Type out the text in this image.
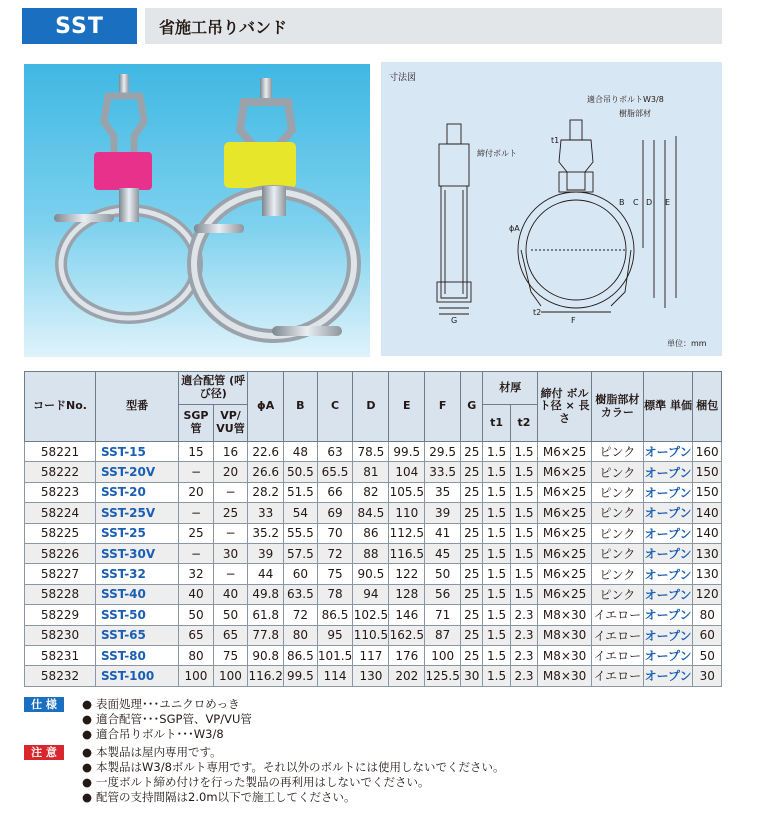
SST	省施工吊りバンド
寸法図
適合吊りボルトW3/8
樹脂部材
締付ボルト
t1
t2
ϕA
B C D E
F
G
単位：mm
コードNo.	型番	適合配管 (呼び径)		ϕA	B	C	D	E	F	G	材厚		締付 ボルト径 × 長さ	樹脂部材 カラー	標準 単価	梱包
		SGP 管	VP/ VU管								t1	t2				
58221	SST-15	15	16	22.6	48	63	78.5	99.5	29.5	25	1.5	1.5	M6×25	ピンク	オープン	160
58222	SST-20V	−	20	26.6	50.5	65.5	81	104	33.5	25	1.5	1.5	M6×25	ピンク	オープン	150
58223	SST-20	20	−	28.2	51.5	66	82	105.5	35	25	1.5	1.5	M6×25	ピンク	オープン	150
58224	SST-25V	−	25	33	54	69	84.5	110	39	25	1.5	1.5	M6×25	ピンク	オープン	140
58225	SST-25	25	−	35.2	55.5	70	86	112.5	41	25	1.5	1.5	M6×25	ピンク	オープン	140
58226	SST-30V	−	30	39	57.5	72	88	116.5	45	25	1.5	1.5	M6×25	ピンク	オープン	130
58227	SST-32	32	−	44	60	75	90.5	122	50	25	1.5	1.5	M6×25	ピンク	オープン	130
58228	SST-40	40	40	49.8	63.5	78	94	128	56	25	1.5	1.5	M6×25	ピンク	オープン	120
58229	SST-50	50	50	61.8	72	86.5	102.5	146	71	25	1.5	2.3	M8×30	イエロー	オープン	80
58230	SST-65	65	65	77.8	80	95	110.5	162.5	87	25	1.5	2.3	M8×30	イエロー	オープン	60
58231	SST-80	80	75	90.8	86.5	101.5	117	176	100	25	1.5	2.3	M8×30	イエロー	オープン	50
58232	SST-100	100	100	116.2	99.5	114	130	202	125.5	30	1.5	2.3	M8×30	イエロー	オープン	30
仕 様	● 表面処理･･･ユニクロめっき
● 適合配管･･･SGP管、VP/VU管
● 適合吊りボルト･･･W3/8
注 意	● 本製品は屋内専用です。
● 本製品はW3/8ボルト専用です。それ以外のボルトには使用しないでください。
● 一度ボルト締め付けを行った製品の再利用はしないでください。
● 配管の支持間隔は2.0m以下で施工してください。
